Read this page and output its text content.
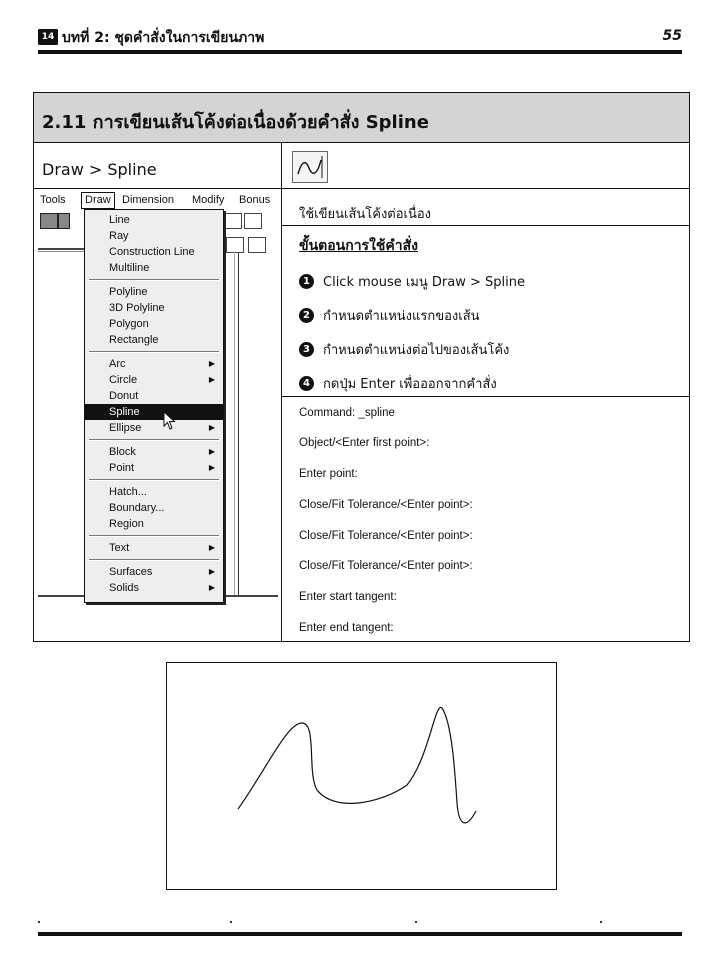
14 บทที่ 2: ชุดคำสั่งในการเขียนภาพ	55
2.11 การเขียนเส้นโค้งต่อเนื่องด้วยคำสั่ง Spline
Draw > Spline
ใช้เขียนเส้นโค้งต่อเนื่อง
ขั้นตอนการใช้คำสั่ง
1	Click mouse เมนู Draw > Spline
2	กำหนดตำแหน่งแรกของเส้น
3	กำหนดตำแหน่งต่อไปของเส้นโค้ง
4	กดปุ่ม Enter เพื่อออกจากคำสั่ง
Command: _spline
Object/<Enter first point>:
Enter point:
Close/Fit Tolerance/<Enter point>:
Close/Fit Tolerance/<Enter point>:
Close/Fit Tolerance/<Enter point>:
Enter start tangent:
Enter end tangent:
Tools	Draw	Dimension Modify Bonus
Line
Ray
Construction Line
Multiline
Polyline
3D Polyline
Polygon
Rectangle
Arc	▶
Circle	▶
Donut
Spline
Ellipse	▶
Block	▶
Point	▶
Hatch...
Boundary...
Region
Text	▶
Surfaces	▶
Solids	▶
